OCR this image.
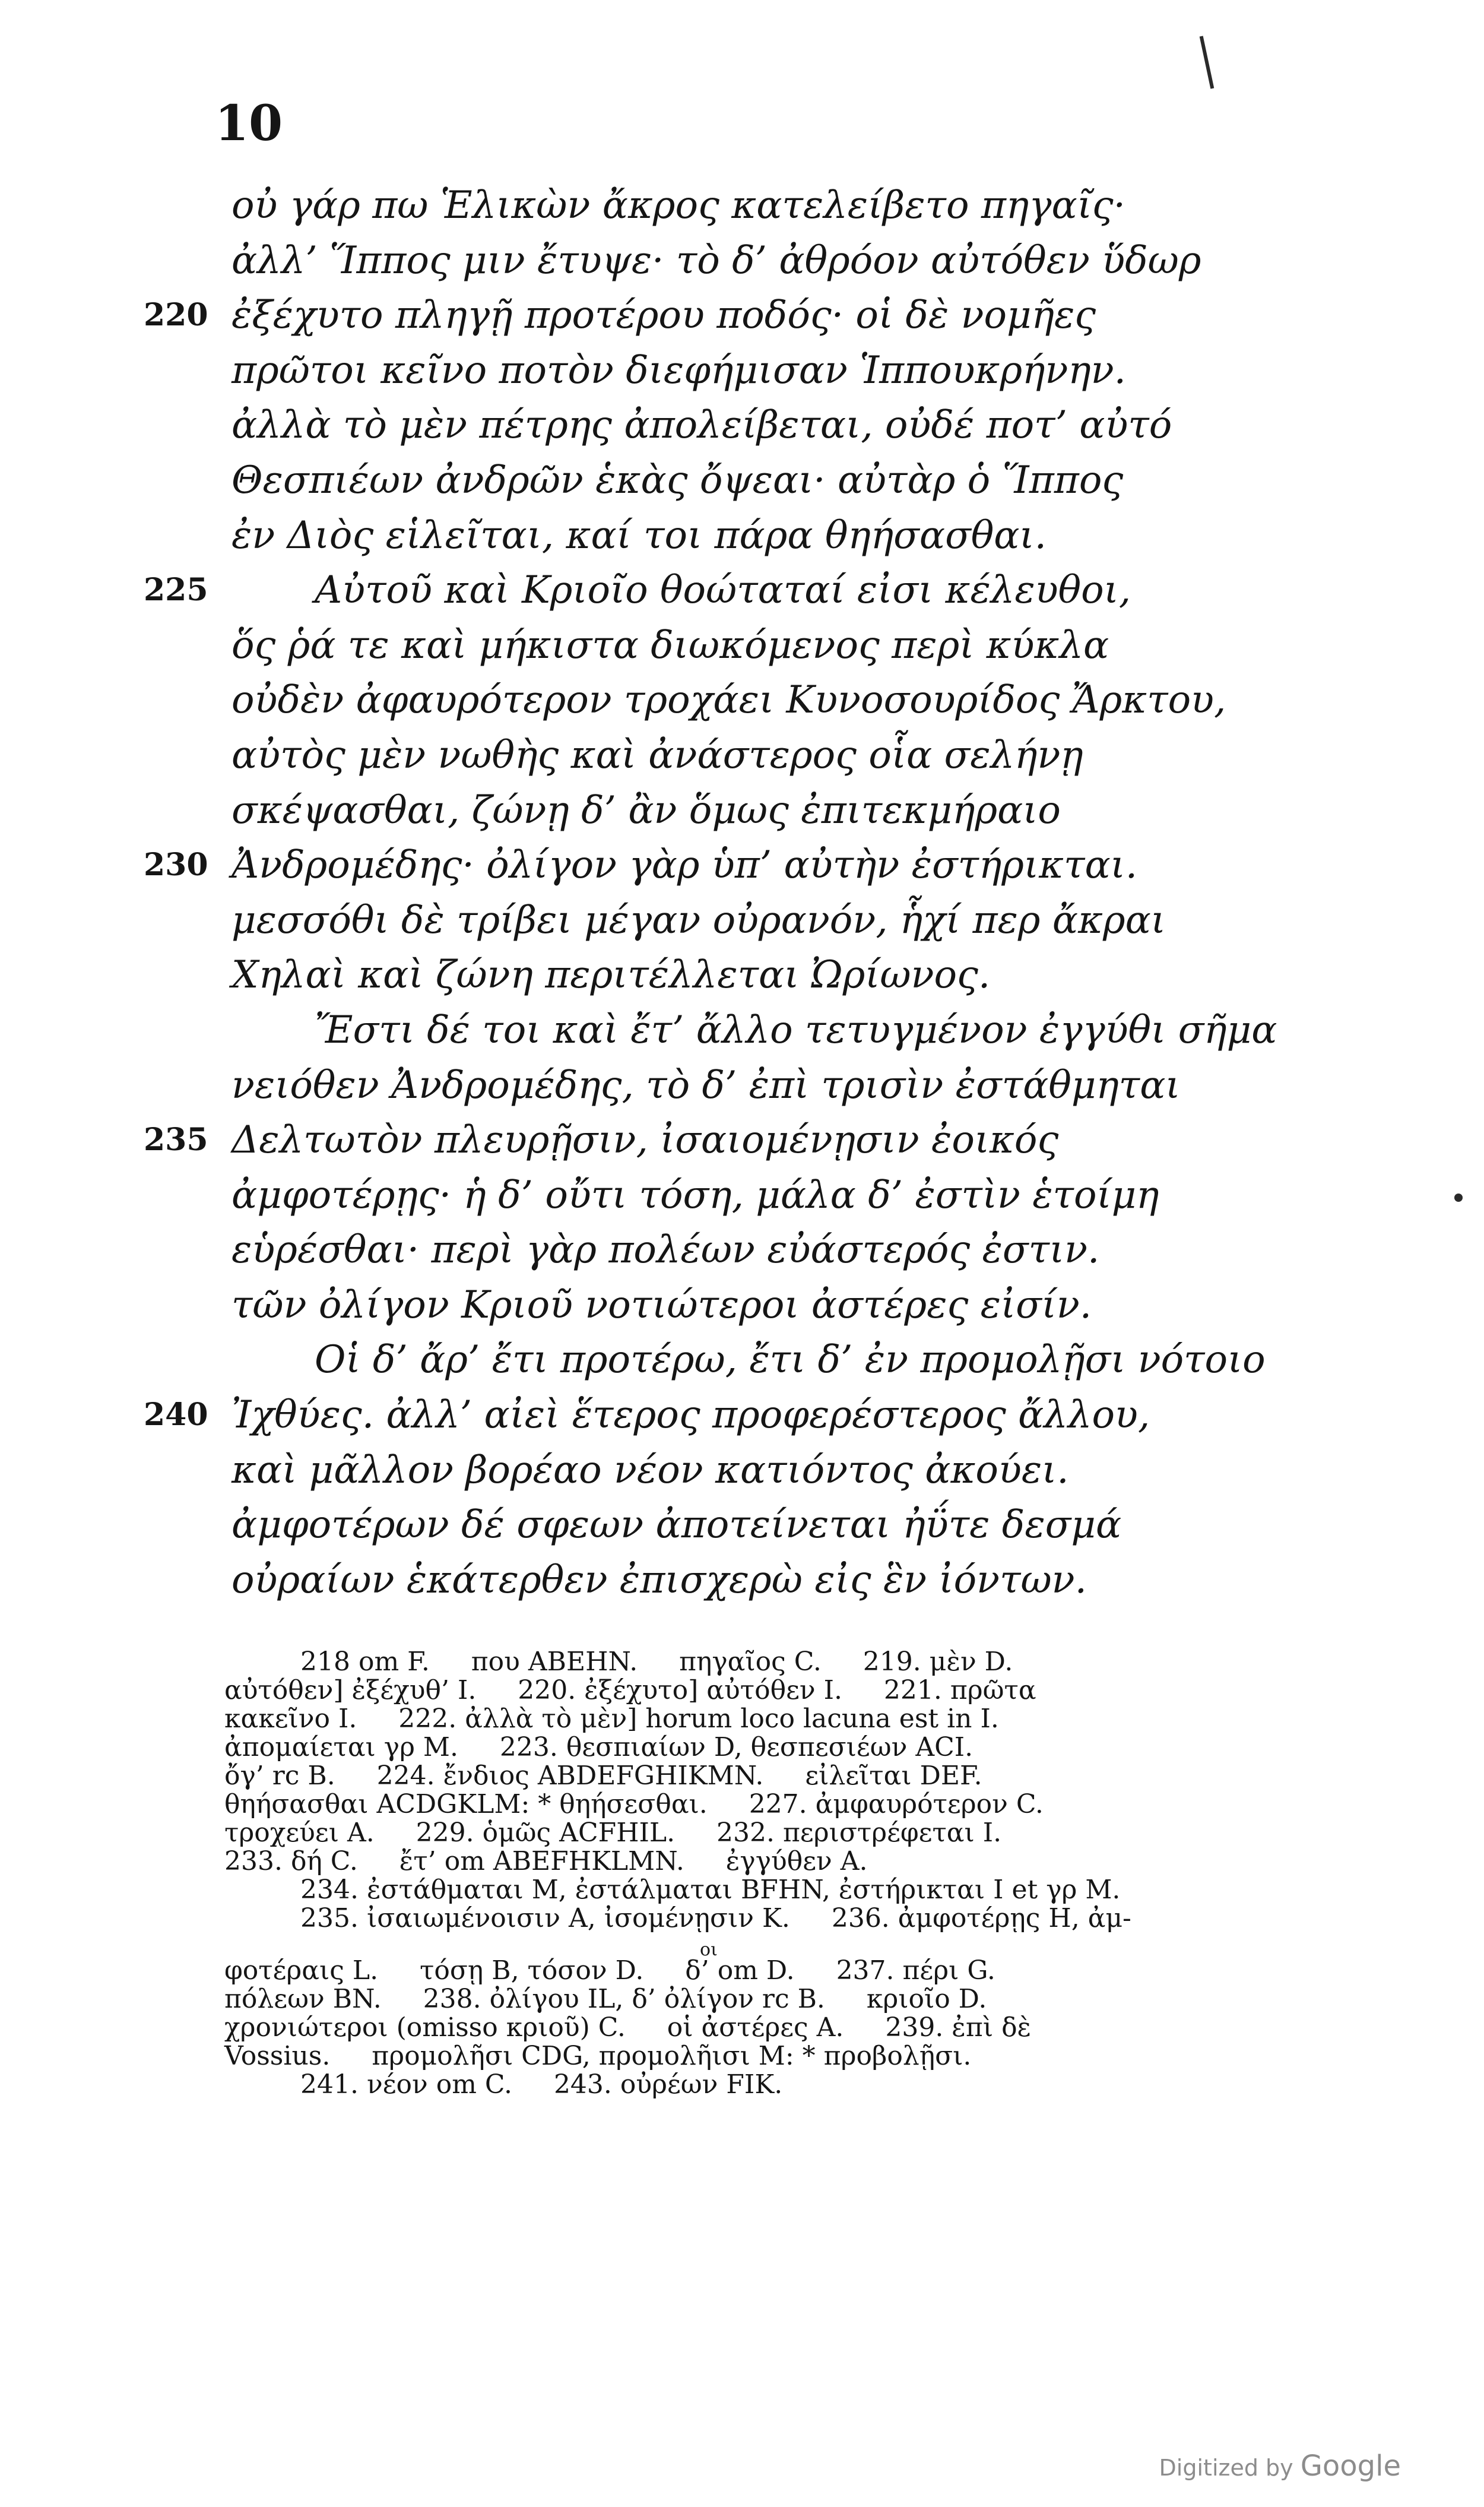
10
οὐ γάρ πω Ἑλικὼν ἄκρος κατελείβετο πηγαῖς·
ἀλλ’ Ἵππος μιν ἔτυψε· τὸ δ’ ἀθρόον αὐτόθεν ὕδωρ
220 ἐξέχυτο πληγῇ προτέρου ποδός· οἱ δὲ νομῆες
πρῶτοι κεῖνο ποτὸν διεφήμισαν Ἱππουκρήνην.
ἀλλὰ τὸ μὲν πέτρης ἀπολείβεται, οὐδέ ποτ’ αὐτό
Θεσπιέων ἀνδρῶν ἑκὰς ὄψεαι· αὐτὰρ ὁ Ἵππος
ἐν Διὸς εἱλεῖται, καί τοι πάρα θηήσασθαι.
225	Αὐτοῦ καὶ Κριοῖο θοώταταί εἰσι κέλευθοι,
ὅς ῥά τε καὶ μήκιστα διωκόμενος περὶ κύκλα
οὐδὲν ἀφαυρότερον τροχάει Κυνοσουρίδος Ἄρκτου,
αὐτὸς μὲν νωθὴς καὶ ἀνάστερος οἷα σελήνῃ
σκέψασθαι, ζώνῃ δ’ ἂν ὅμως ἐπιτεκμήραιο
230 Ἀνδρομέδης· ὀλίγον γὰρ ὑπ’ αὐτὴν ἐστήρικται.
μεσσόθι δὲ τρίβει μέγαν οὐρανόν, ἧχί περ ἄκραι
Χηλαὶ καὶ ζώνη περιτέλλεται Ὠρίωνος.
Ἔστι δέ τοι καὶ ἔτ’ ἄλλο τετυγμένον ἐγγύθι σῆμα
νειόθεν Ἀνδρομέδης, τὸ δ’ ἐπὶ τρισὶν ἐστάθμηται
235 Δελτωτὸν πλευρῇσιν, ἰσαιομένῃσιν ἐοικός
ἀμφοτέρῃς· ἡ δ’ οὔτι τόση, μάλα δ’ ἐστὶν ἑτοίμη
εὑρέσθαι· περὶ γὰρ πολέων εὐάστερός ἐστιν.
τῶν ὀλίγον Κριοῦ νοτιώτεροι ἀστέρες εἰσίν.
Οἱ δ’ ἄρ’ ἔτι προτέρω, ἔτι δ’ ἐν προμολῇσι νότοιο
240 Ἰχθύες. ἀλλ’ αἰεὶ ἕτερος προφερέστερος ἄλλου,
καὶ μᾶλλον βορέαο νέον κατιόντος ἀκούει.
ἀμφοτέρων δέ σφεων ἀποτείνεται ἠΰτε δεσμά
οὐραίων ἑκάτερθεν ἐπισχερὼ εἰς ἓν ἰόντων.
218 om F.     που ABEHN.     πηγαῖος C.     219. μὲν D.
αὐτόθεν] ἐξέχυθ’ I.     220. ἐξέχυτο] αὐτόθεν I.     221. πρῶτα
κακεῖνο I.     222. ἀλλὰ τὸ μὲν] horum loco lacuna est in I.
ἀπομαίεται γρ M.     223. θεσπιαίων D, θεσπεσιέων ACI.
ὄγ’ rc B.     224. ἔνδιος ABDEFGHIKMN.     εἰλεῖται DEF.
θηήσασθαι ACDGKLM: * θηήσεσθαι.     227. ἀμφαυρότερον C.
τροχεύει A.     229. ὁμῶς ACFHIL.     232. περιστρέφεται I.
233. δή C.     ἔτ’ om ABEFHKLMN.     ἐγγύθεν A.
234. ἐστάθμαται M, ἐστάλμαται BFHN, ἐστήρικται I et γρ M.
235. ἰσαιωμένοισιν A, ἰσομένῃσιν K.     236. ἀμφοτέρῃς H, ἀμ-
οι
φοτέραις L.     τόσῃ B, τόσον D.     δ’ om D.     237. πέρι G.
πόλεων BN.     238. ὀλίγου IL, δ’ ὀλίγον rc B.     κριοῖο D.
χρονιώτεροι (omisso κριοῦ) C.     οἱ ἀστέρες A.     239. ἐπὶ δὲ
Vossius.     προμολῆσι CDG, προμολῆισι M: * προβολῇσι.
241. νέον om C.     243. οὐρέων FIK.
Digitized by Google
